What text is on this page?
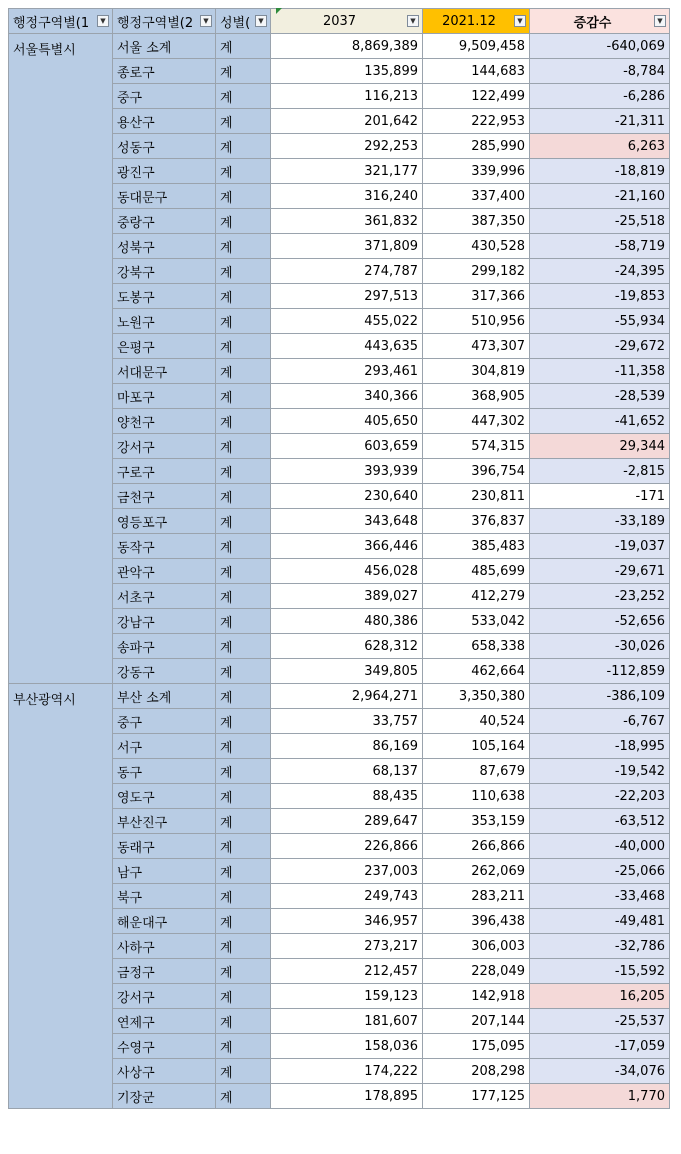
행정구역별(1 ▼	행정구역별(2 ▼	성별( ▼	2037 ▼	2021.12 ▼	증감수 ▼

서울특별시	서울 소계	계	8,869,389	9,509,458	-640,069
	종로구	계	135,899	144,683	-8,784
	중구	계	116,213	122,499	-6,286
	용산구	계	201,642	222,953	-21,311
	성동구	계	292,253	285,990	6,263
	광진구	계	321,177	339,996	-18,819
	동대문구	계	316,240	337,400	-21,160
	중랑구	계	361,832	387,350	-25,518
	성북구	계	371,809	430,528	-58,719
	강북구	계	274,787	299,182	-24,395
	도봉구	계	297,513	317,366	-19,853
	노원구	계	455,022	510,956	-55,934
	은평구	계	443,635	473,307	-29,672
	서대문구	계	293,461	304,819	-11,358
	마포구	계	340,366	368,905	-28,539
	양천구	계	405,650	447,302	-41,652
	강서구	계	603,659	574,315	29,344
	구로구	계	393,939	396,754	-2,815
	금천구	계	230,640	230,811	-171
	영등포구	계	343,648	376,837	-33,189
	동작구	계	366,446	385,483	-19,037
	관악구	계	456,028	485,699	-29,671
	서초구	계	389,027	412,279	-23,252
	강남구	계	480,386	533,042	-52,656
	송파구	계	628,312	658,338	-30,026
	강동구	계	349,805	462,664	-112,859
부산광역시	부산 소계	계	2,964,271	3,350,380	-386,109
	중구	계	33,757	40,524	-6,767
	서구	계	86,169	105,164	-18,995
	동구	계	68,137	87,679	-19,542
	영도구	계	88,435	110,638	-22,203
	부산진구	계	289,647	353,159	-63,512
	동래구	계	226,866	266,866	-40,000
	남구	계	237,003	262,069	-25,066
	북구	계	249,743	283,211	-33,468
	해운대구	계	346,957	396,438	-49,481
	사하구	계	273,217	306,003	-32,786
	금정구	계	212,457	228,049	-15,592
	강서구	계	159,123	142,918	16,205
	연제구	계	181,607	207,144	-25,537
	수영구	계	158,036	175,095	-17,059
	사상구	계	174,222	208,298	-34,076
	기장군	계	178,895	177,125	1,770
